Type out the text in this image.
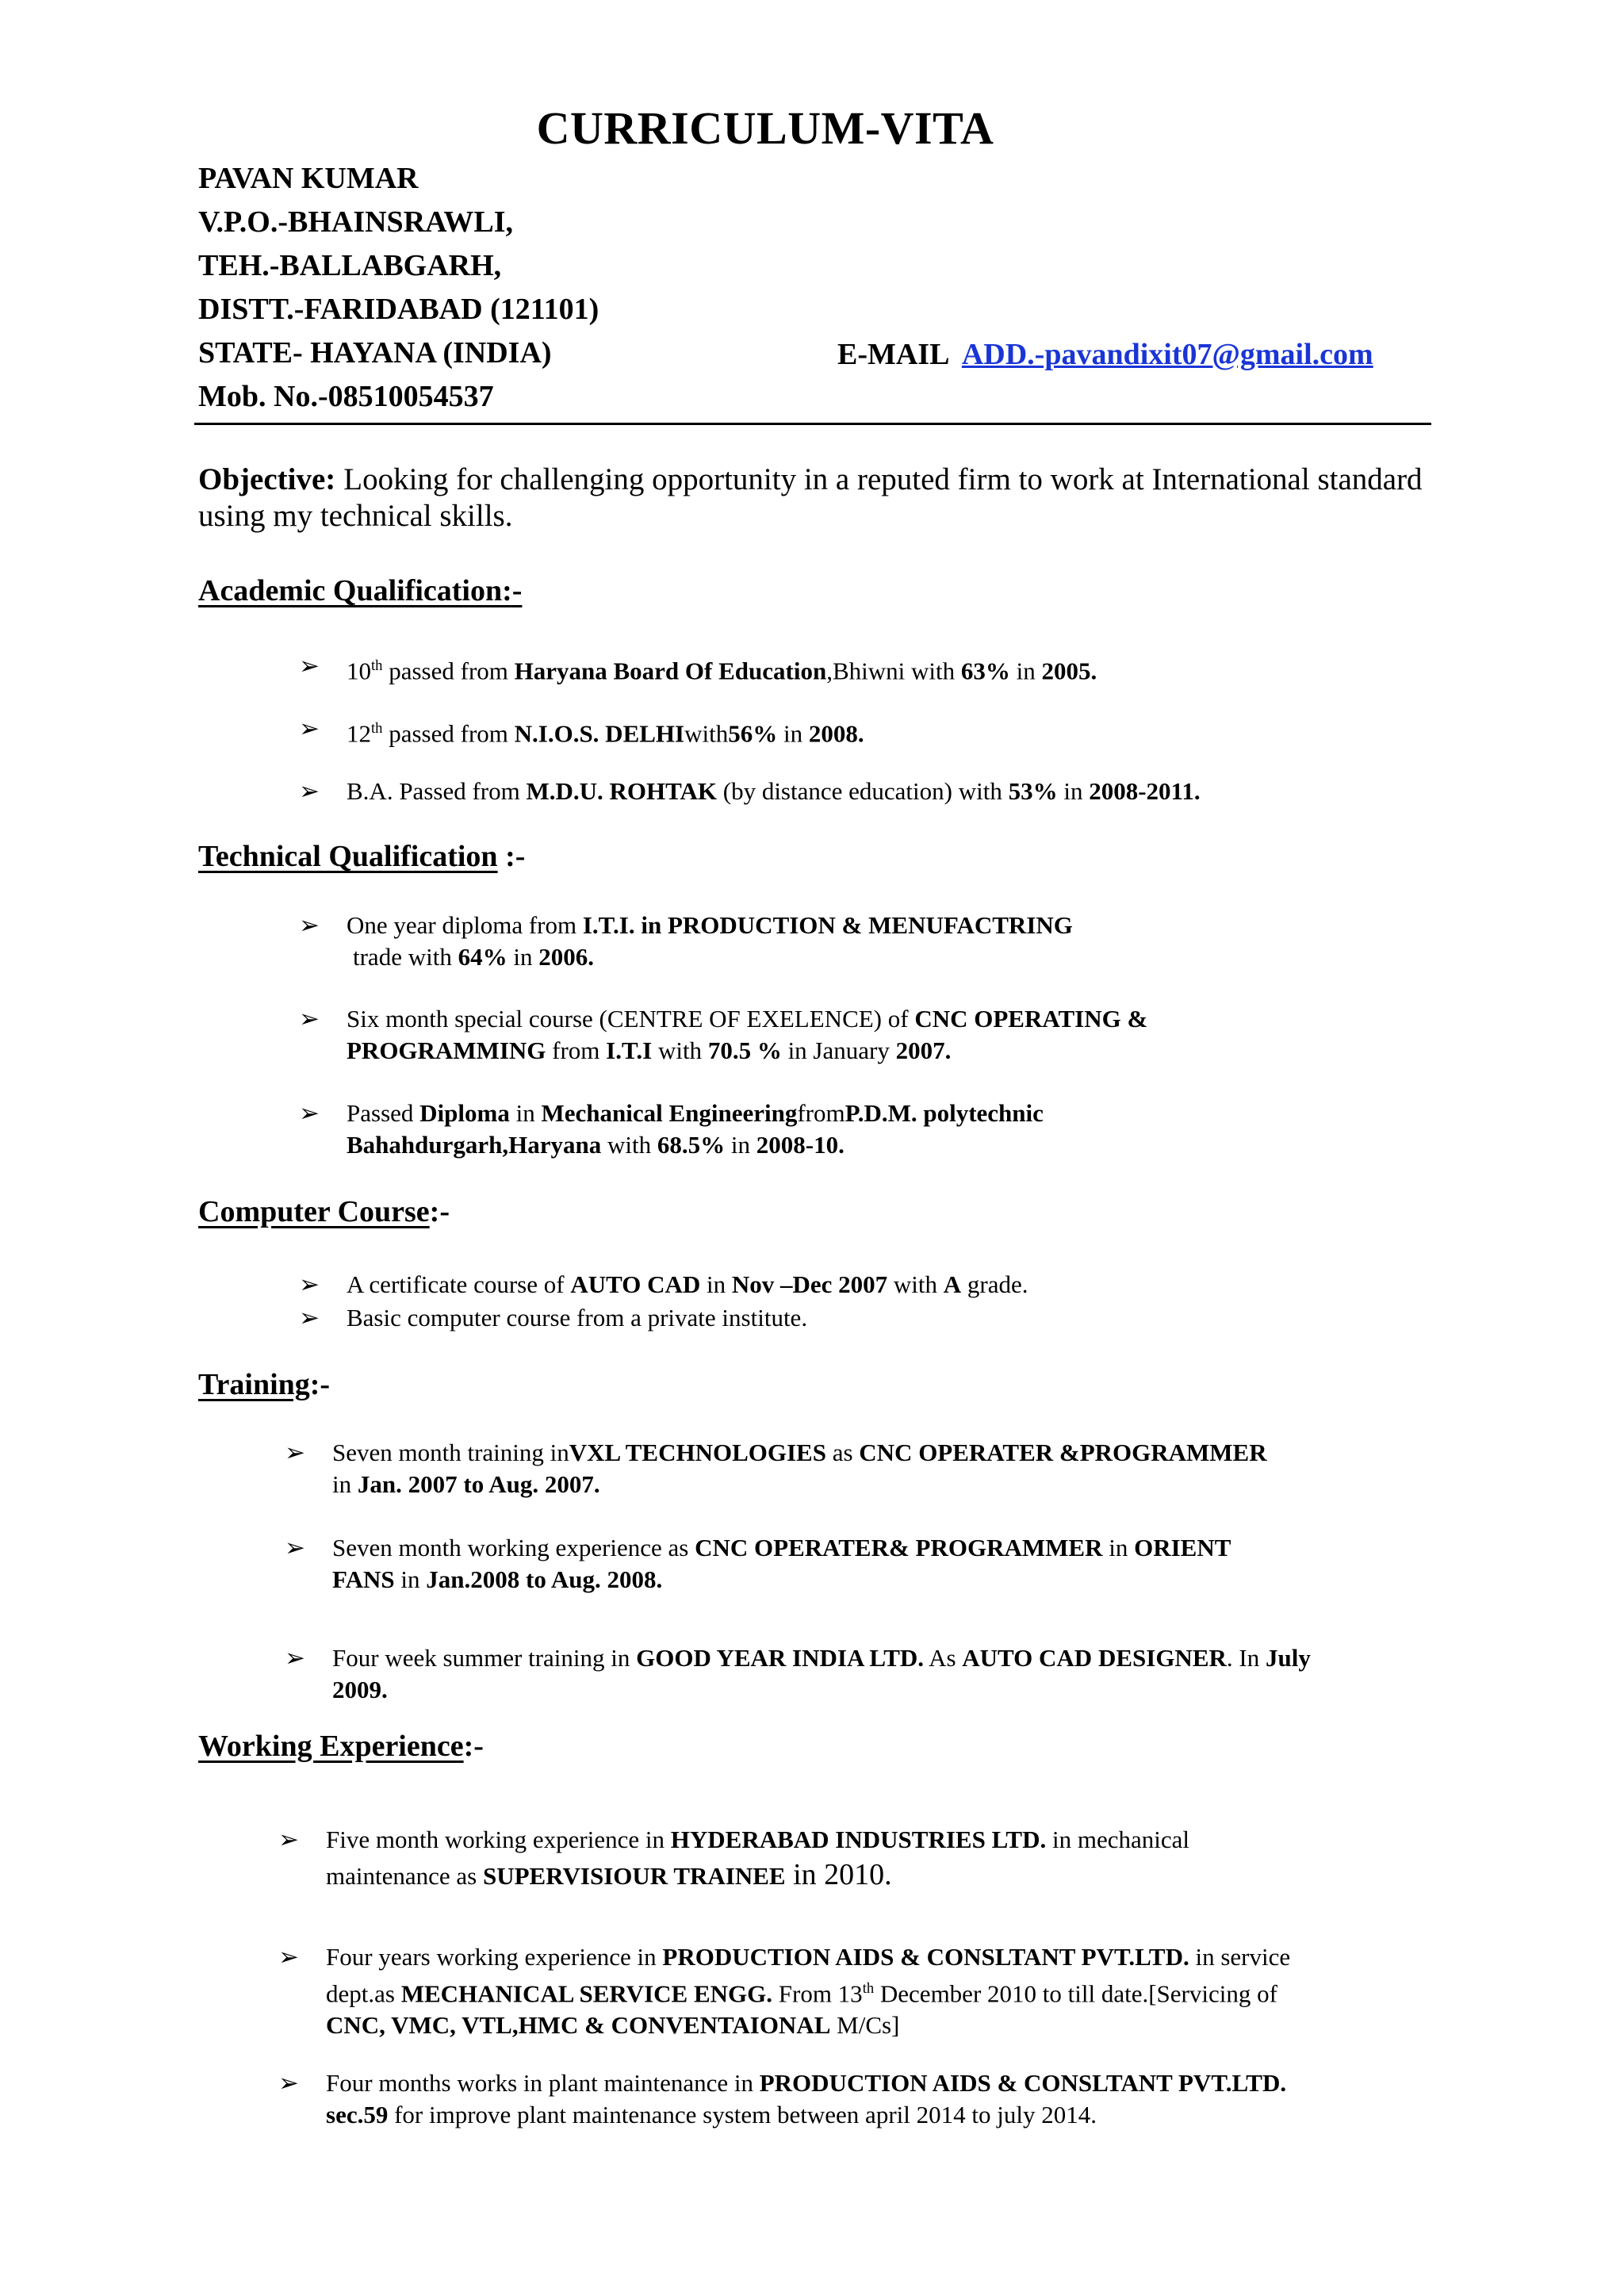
CURRICULUM-VITA
PAVAN KUMAR
V.P.O.-BHAINSRAWLI,
TEH.-BALLABGARH,
DISTT.-FARIDABAD (121101)
STATE- HAYANA (INDIA)
Mob. No.-08510054537
E-MAIL ADD.-pavandixit07@gmail.com
Objective: Looking for challenging opportunity in a reputed firm to work at International standard using my technical skills.
Academic Qualification:-
➢ 10th passed from Haryana Board Of Education,Bhiwni with 63% in 2005.
➢ 12th passed from N.I.O.S. DELHIwith56% in 2008.
➢ B.A. Passed from M.D.U. ROHTAK (by distance education) with 53% in 2008-2011.
Technical Qualification :-
➢ One year diploma from I.T.I. in PRODUCTION & MENUFACTRING
trade with 64% in 2006.
➢ Six month special course (CENTRE OF EXELENCE) of CNC OPERATING &
PROGRAMMING from I.T.I with 70.5 % in January 2007.
➢ Passed Diploma in Mechanical EngineeringfromP.D.M. polytechnic
Bahahdurgarh,Haryana with 68.5% in 2008-10.
Computer Course:-
➢ A certificate course of AUTO CAD in Nov –Dec 2007 with A grade.
➢ Basic computer course from a private institute.
Training:-
➢ Seven month training inVXL TECHNOLOGIES as CNC OPERATER &PROGRAMMER
in Jan. 2007 to Aug. 2007.
➢ Seven month working experience as CNC OPERATER& PROGRAMMER in ORIENT
FANS in Jan.2008 to Aug. 2008.
➢ Four week summer training in GOOD YEAR INDIA LTD. As AUTO CAD DESIGNER. In July
2009.
Working Experience:-
➢ Five month working experience in HYDERABAD INDUSTRIES LTD. in mechanical
maintenance as SUPERVISIOUR TRAINEE in 2010.
➢ Four years working experience in PRODUCTION AIDS & CONSLTANT PVT.LTD. in service
dept.as MECHANICAL SERVICE ENGG. From 13th December 2010 to till date.[Servicing of
CNC, VMC, VTL,HMC & CONVENTAIONAL M/Cs]
➢ Four months works in plant maintenance in PRODUCTION AIDS & CONSLTANT PVT.LTD.
sec.59 for improve plant maintenance system between april 2014 to july 2014.
